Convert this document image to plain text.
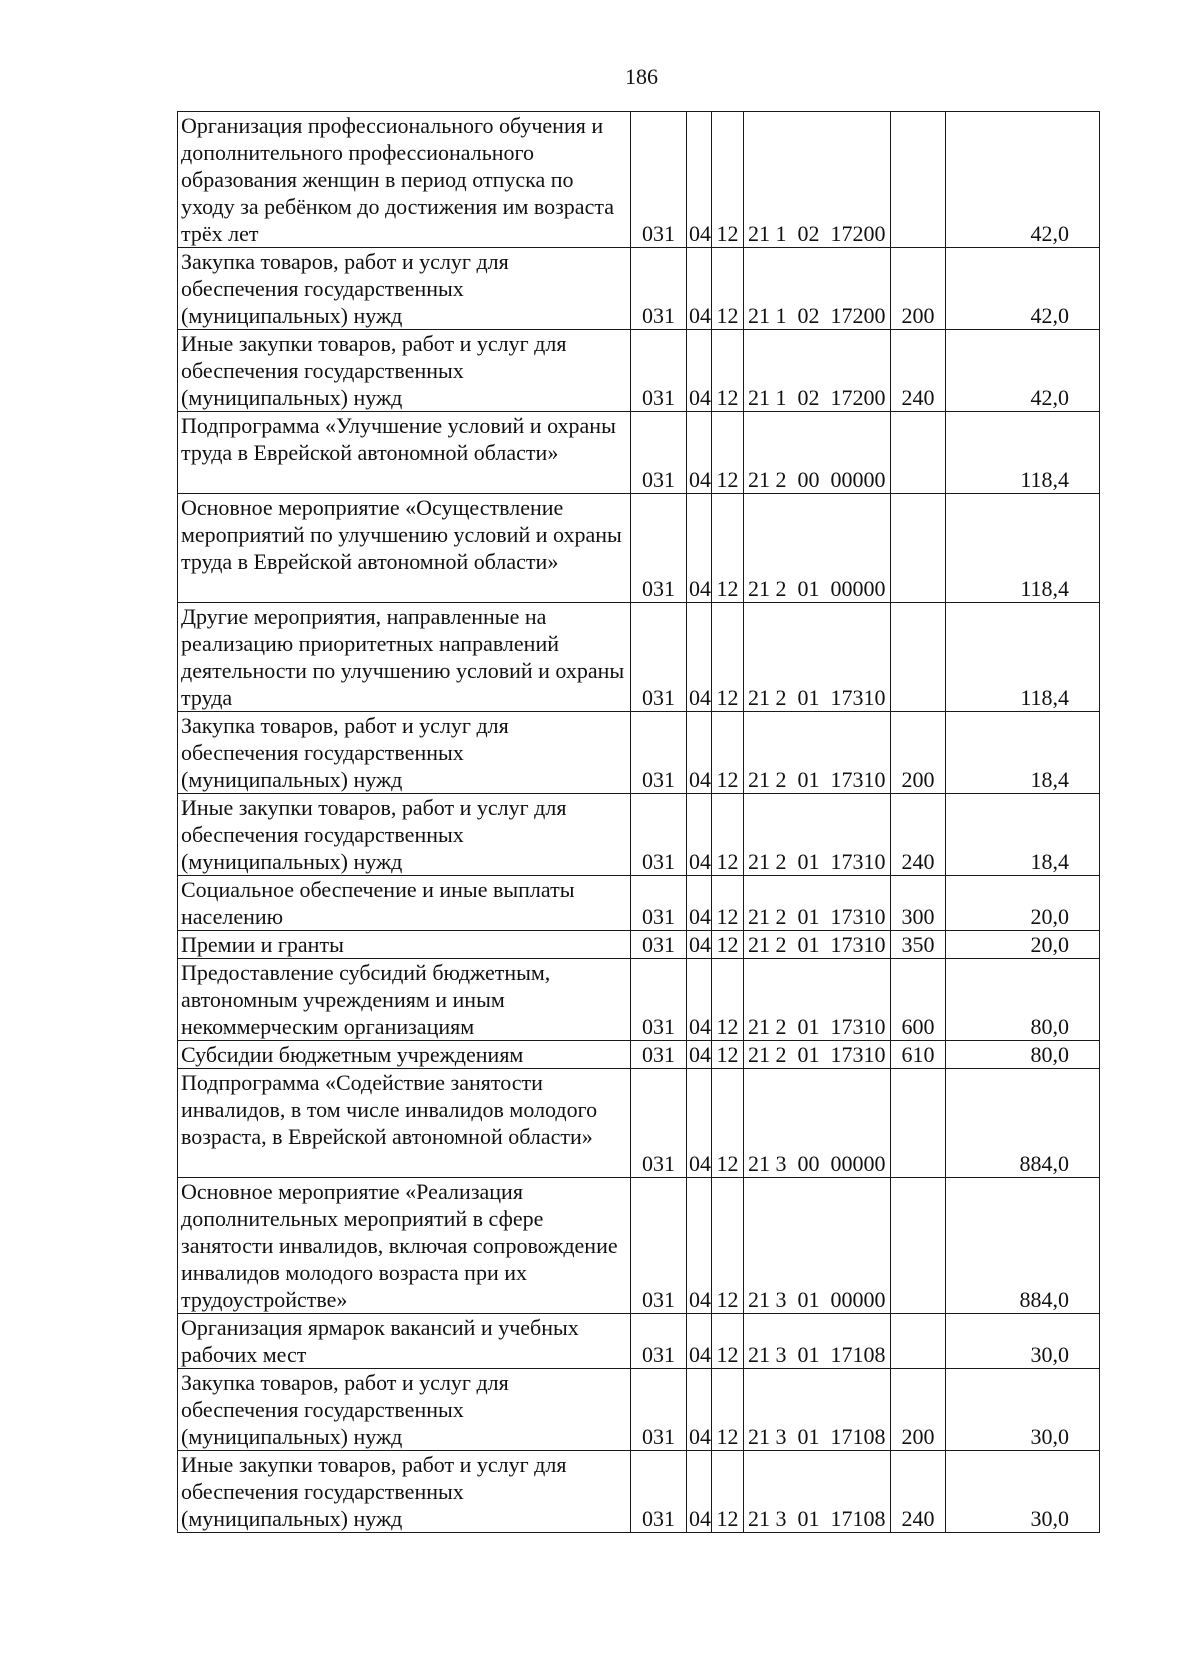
186
Организация профессионального обучения и дополнительного профессионального образования женщин в период отпуска по уходу за ребёнком до достижения им возраста трёх лет	031	04	12	21 1  02  17200		42,0
Закупка товаров, работ и услуг для обеспечения государственных (муниципальных) нужд	031	04	12	21 1  02  17200	200	42,0
Иные закупки товаров, работ и услуг для обеспечения государственных (муниципальных) нужд	031	04	12	21 1  02  17200	240	42,0
Подпрограмма «Улучшение условий и охраны труда в Еврейской автономной области»	031	04	12	21 2  00  00000		118,4
Основное мероприятие «Осуществление мероприятий по улучшению условий и охраны труда в Еврейской автономной области»	031	04	12	21 2  01  00000		118,4
Другие мероприятия, направленные на реализацию приоритетных направлений деятельности по улучшению условий и охраны труда	031	04	12	21 2  01  17310		118,4
Закупка товаров, работ и услуг для обеспечения государственных (муниципальных) нужд	031	04	12	21 2  01  17310	200	18,4
Иные закупки товаров, работ и услуг для обеспечения государственных (муниципальных) нужд	031	04	12	21 2  01  17310	240	18,4
Социальное обеспечение и иные выплаты населению	031	04	12	21 2  01  17310	300	20,0
Премии и гранты	031	04	12	21 2  01  17310	350	20,0
Предоставление субсидий бюджетным, автономным учреждениям и иным некоммерческим организациям	031	04	12	21 2  01  17310	600	80,0
Субсидии бюджетным учреждениям	031	04	12	21 2  01  17310	610	80,0
Подпрограмма «Содействие занятости инвалидов, в том числе инвалидов молодого возраста, в Еврейской автономной области»	031	04	12	21 3  00  00000		884,0
Основное мероприятие «Реализация дополнительных мероприятий в сфере занятости инвалидов, включая сопровождение инвалидов молодого возраста при их трудоустройстве»	031	04	12	21 3  01  00000		884,0
Организация ярмарок вакансий и учебных рабочих мест	031	04	12	21 3  01  17108		30,0
Закупка товаров, работ и услуг для обеспечения государственных (муниципальных) нужд	031	04	12	21 3  01  17108	200	30,0
Иные закупки товаров, работ и услуг для обеспечения государственных (муниципальных) нужд	031	04	12	21 3  01  17108	240	30,0
